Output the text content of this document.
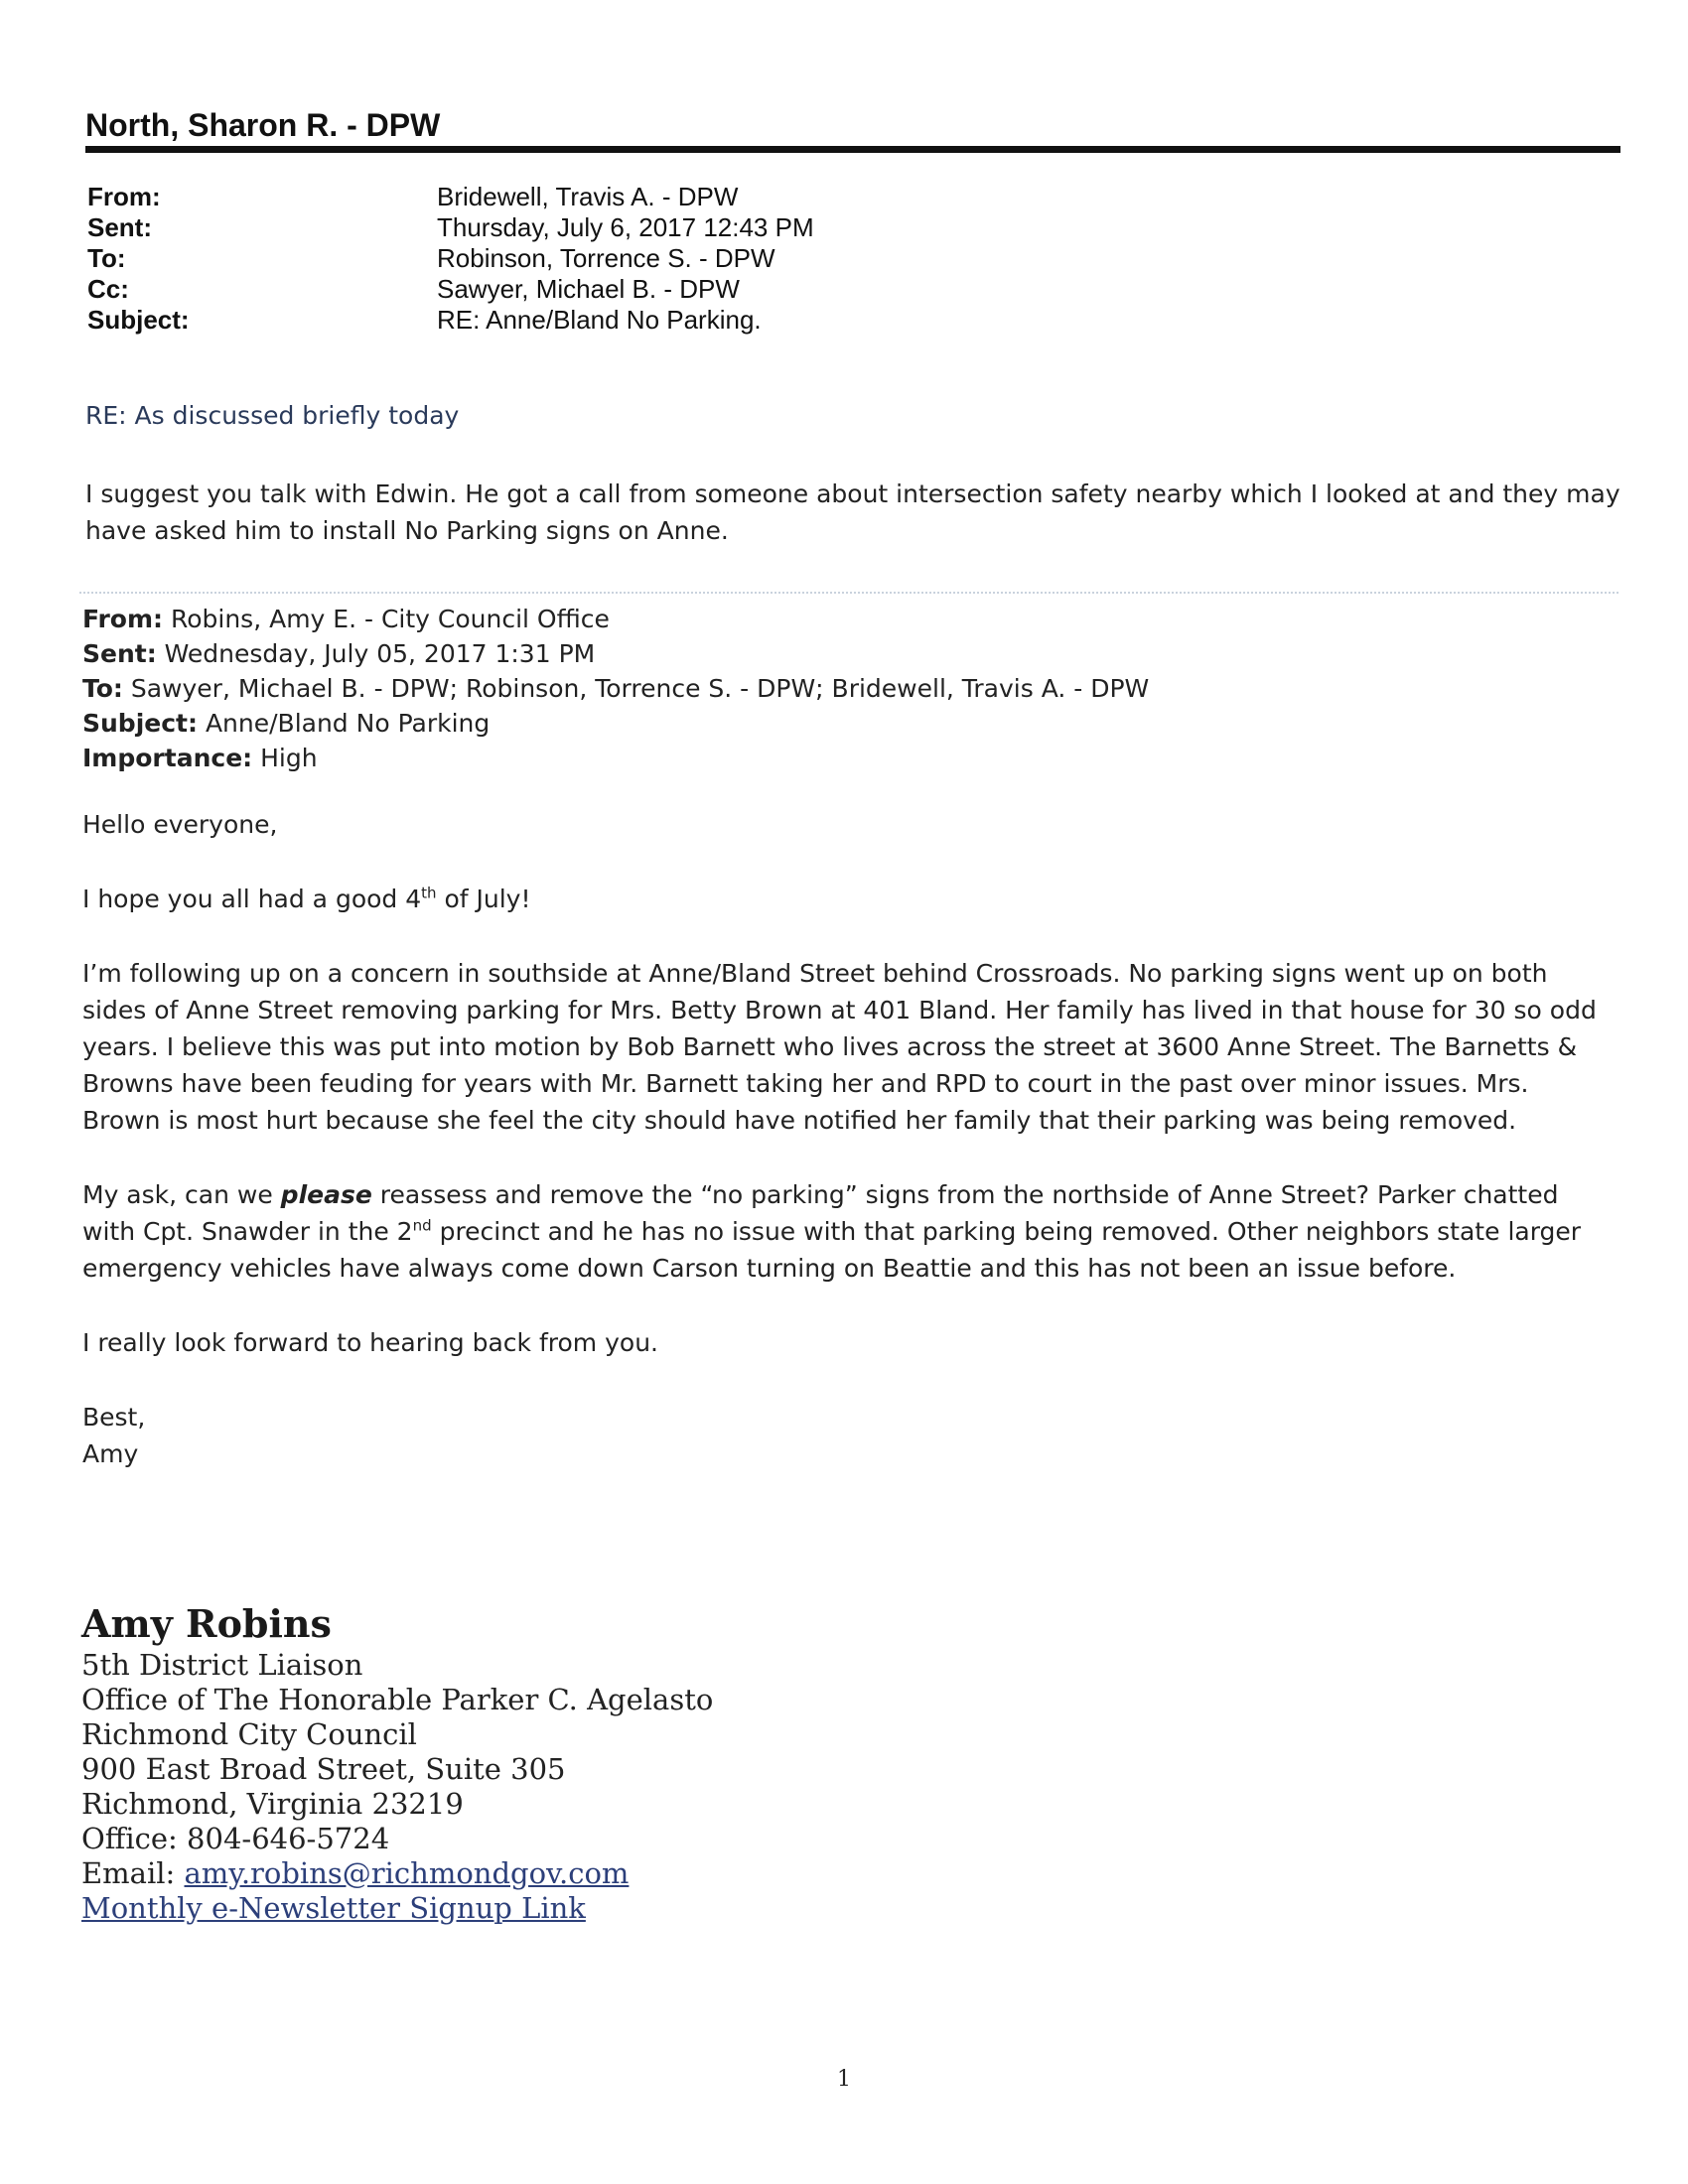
North, Sharon R. - DPW
From:	Bridewell, Travis A. - DPW
Sent:	Thursday, July 6, 2017 12:43 PM
To:	Robinson, Torrence S. - DPW
Cc:	Sawyer, Michael B. - DPW
Subject:	RE: Anne/Bland No Parking.

RE: As discussed briefly today

I suggest you talk with Edwin. He got a call from someone about intersection safety nearby which I looked at and they may have asked him to install No Parking signs on Anne.

From: Robins, Amy E. - City Council Office
Sent: Wednesday, July 05, 2017 1:31 PM
To: Sawyer, Michael B. - DPW; Robinson, Torrence S. - DPW; Bridewell, Travis A. - DPW
Subject: Anne/Bland No Parking
Importance: High

Hello everyone,

I hope you all had a good 4th of July!

I’m following up on a concern in southside at Anne/Bland Street behind Crossroads. No parking signs went up on both sides of Anne Street removing parking for Mrs. Betty Brown at 401 Bland. Her family has lived in that house for 30 so odd years. I believe this was put into motion by Bob Barnett who lives across the street at 3600 Anne Street. The Barnetts & Browns have been feuding for years with Mr. Barnett taking her and RPD to court in the past over minor issues. Mrs. Brown is most hurt because she feel the city should have notified her family that their parking was being removed.

My ask, can we please reassess and remove the “no parking” signs from the northside of Anne Street? Parker chatted with Cpt. Snawder in the 2nd precinct and he has no issue with that parking being removed. Other neighbors state larger emergency vehicles have always come down Carson turning on Beattie and this has not been an issue before.

I really look forward to hearing back from you.

Best,
Amy
Amy Robins
5th District Liaison
Office of The Honorable Parker C. Agelasto
Richmond City Council
900 East Broad Street, Suite 305
Richmond, Virginia 23219
Office: 804-646-5724
Email: amy.robins@richmondgov.com
Monthly e-Newsletter Signup Link
1
